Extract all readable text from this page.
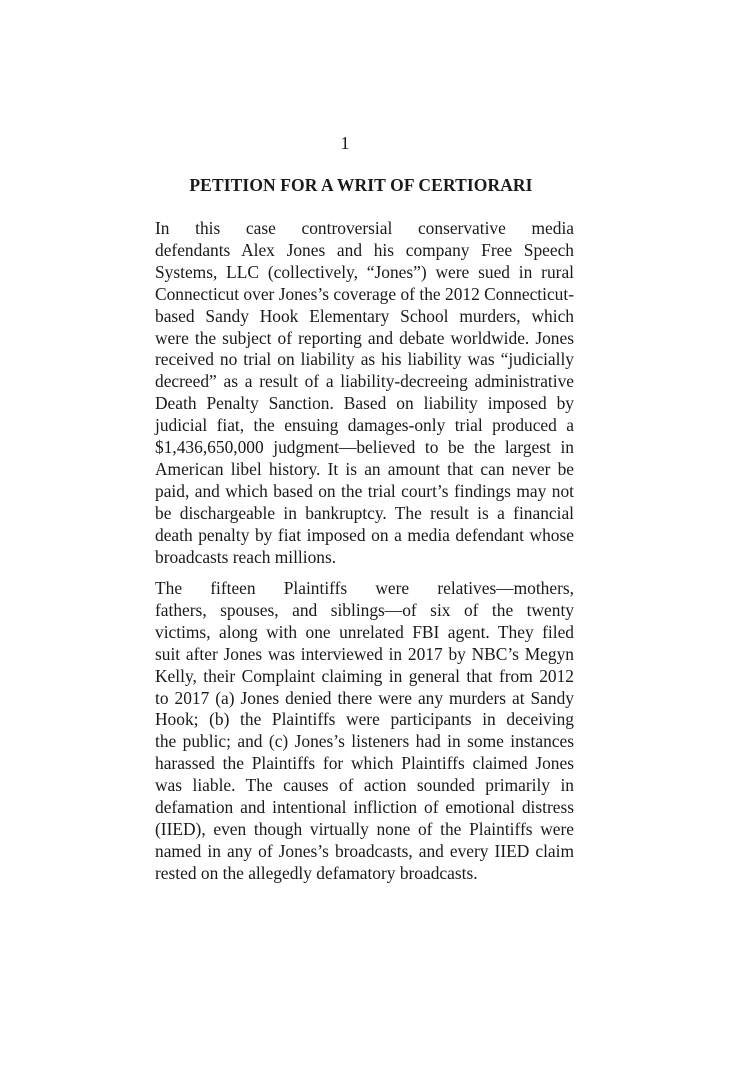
1
PETITION FOR A WRIT OF CERTIORARI
In this case controversial conservative media
defendants Alex Jones and his company Free Speech
Systems, LLC (collectively, “Jones”) were sued in rural
Connecticut over Jones’s coverage of the 2012 Connecticut-
based Sandy Hook Elementary School murders, which
were the subject of reporting and debate worldwide. Jones
received no trial on liability as his liability was “judicially
decreed” as a result of a liability-decreeing administrative
Death Penalty Sanction. Based on liability imposed by
judicial fiat, the ensuing damages-only trial produced a
$1,436,650,000 judgment—believed to be the largest in
American libel history. It is an amount that can never be
paid, and which based on the trial court’s findings may not
be dischargeable in bankruptcy. The result is a financial
death penalty by fiat imposed on a media defendant whose
broadcasts reach millions.
The fifteen Plaintiffs were relatives—mothers,
fathers, spouses, and siblings—of six of the twenty
victims, along with one unrelated FBI agent. They filed
suit after Jones was interviewed in 2017 by NBC’s Megyn
Kelly, their Complaint claiming in general that from 2012
to 2017 (a) Jones denied there were any murders at Sandy
Hook; (b) the Plaintiffs were participants in deceiving
the public; and (c) Jones’s listeners had in some instances
harassed the Plaintiffs for which Plaintiffs claimed Jones
was liable. The causes of action sounded primarily in
defamation and intentional infliction of emotional distress
(IIED), even though virtually none of the Plaintiffs were
named in any of Jones’s broadcasts, and every IIED claim
rested on the allegedly defamatory broadcasts.
